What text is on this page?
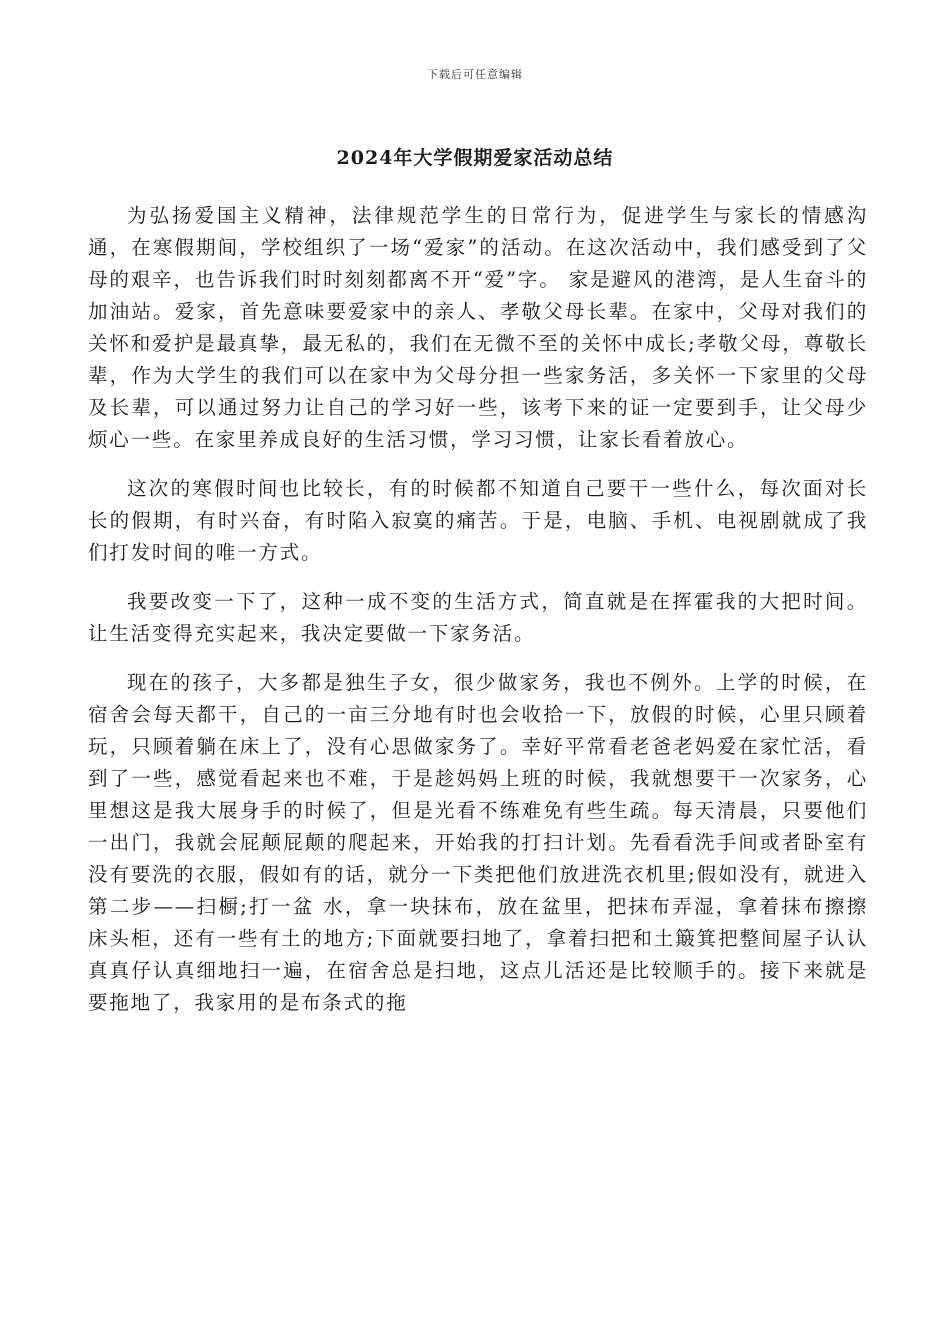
下载后可任意编辑
2024年大学假期爱家活动总结

为弘扬爱国主义精神，法律规范学生的日常行为，促进学生与家长的情感沟通，在寒假期间，学校组织了一场“爱家”的活动。在这次活动中，我们感受到了父母的艰辛，也告诉我们时时刻刻都离不开“爱”字。 家是避风的港湾，是人生奋斗的加油站。爱家，首先意味要爱家中的亲人、孝敬父母长辈。在家中，父母对我们的关怀和爱护是最真挚，最无私的，我们在无微不至的关怀中成长;孝敬父母，尊敬长辈，作为大学生的我们可以在家中为父母分担一些家务活，多关怀一下家里的父母及长辈，可以通过努力让自己的学习好一些，该考下来的证一定要到手，让父母少烦心一些。在家里养成良好的生活习惯，学习习惯，让家长看着放心。

这次的寒假时间也比较长，有的时候都不知道自己要干一些什么，每次面对长长的假期，有时兴奋，有时陷入寂寞的痛苦。于是，电脑、手机、电视剧就成了我们打发时间的唯一方式。

我要改变一下了，这种一成不变的生活方式，简直就是在挥霍我的大把时间。让生活变得充实起来，我决定要做一下家务活。

现在的孩子，大多都是独生子女，很少做家务，我也不例外。上学的时候，在宿舍会每天都干，自己的一亩三分地有时也会收拾一下，放假的时候，心里只顾着玩，只顾着躺在床上了，没有心思做家务了。幸好平常看老爸老妈爱在家忙活，看到了一些，感觉看起来也不难，于是趁妈妈上班的时候，我就想要干一次家务，心里想这是我大展身手的时候了，但是光看不练难免有些生疏。每天清晨，只要他们一出门，我就会屁颠屁颠的爬起来，开始我的打扫计划。先看看洗手间或者卧室有没有要洗的衣服，假如有的话，就分一下类把他们放进洗衣机里;假如没有，就进入第二步——扫橱;打一盆 水，拿一块抹布，放在盆里，把抹布弄湿，拿着抹布擦擦床头柜，还有一些有土的地方;下面就要扫地了，拿着扫把和土簸箕把整间屋子认认真真仔认真细地扫一遍，在宿舍总是扫地，这点儿活还是比较顺手的。接下来就是要拖地了，我家用的是布条式的拖
